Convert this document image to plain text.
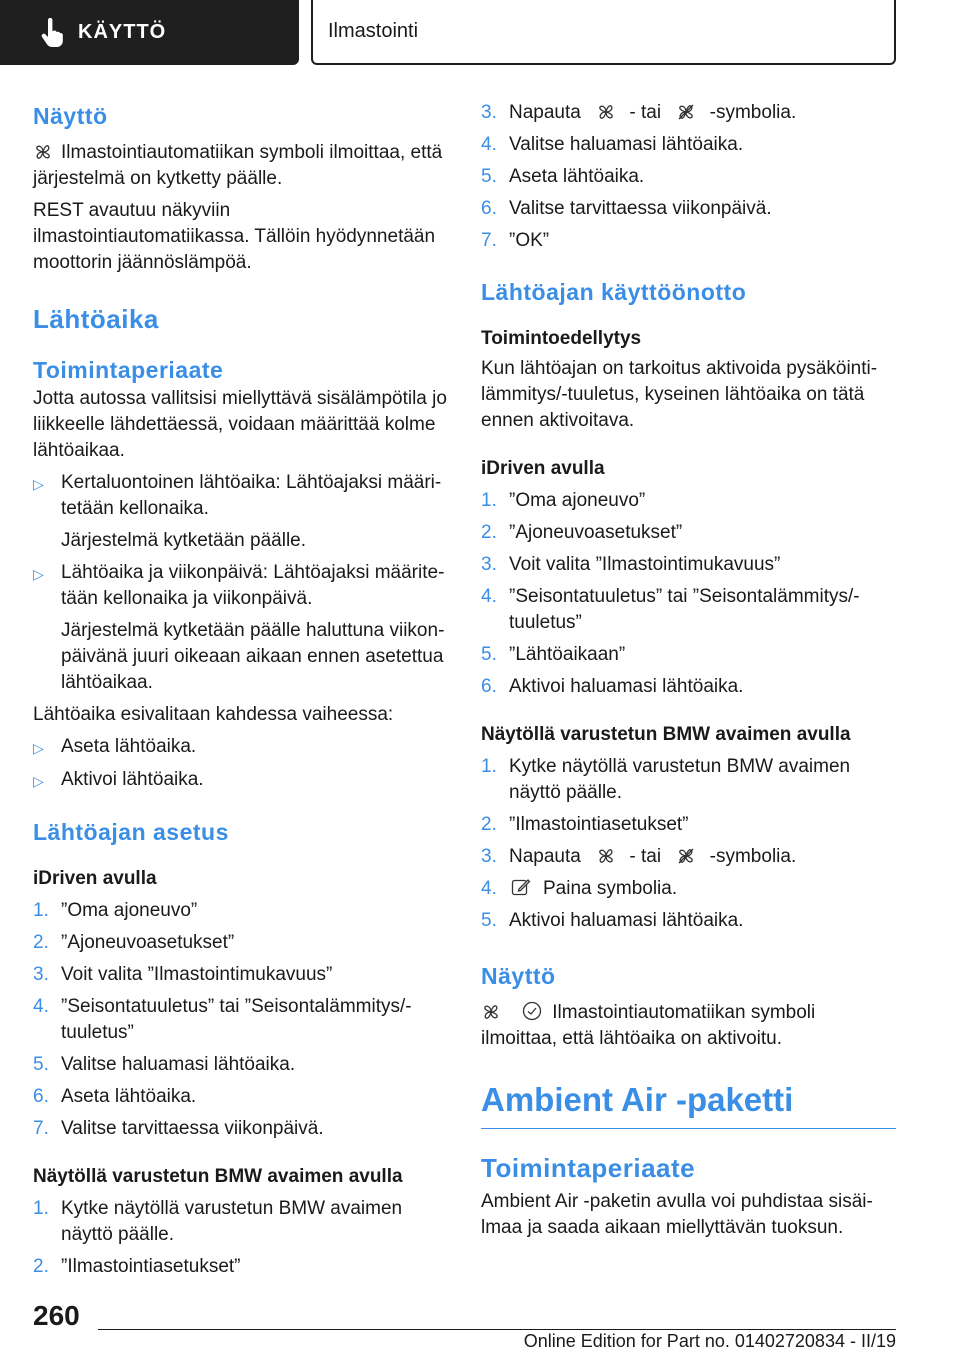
KÄYTTÖ	Ilmastointi
Näyttö

Ilmastointiautomatiikan symboli ilmoittaa, että järjestelmä on kytketty päälle.

REST avautuu näkyviin ilmastointiautomatiikassa. Tällöin hyödynnetään moottorin jäännöslämpöä.

Lähtöaika
Toimintaperiaate

Jotta autossa vallitsisi miellyttävä sisälämpötila jo liikkeelle lähdettäessä, voidaan määrittää kolme lähtöaikaa.

▷ Kertaluontoinen lähtöaika: Lähtöajaksi määritetään kellonaika.

Järjestelmä kytketään päälle.

▷ Lähtöaika ja viikonpäivä: Lähtöajaksi määritetään kellonaika ja viikonpäivä.

Järjestelmä kytketään päälle haluttuna viikonpäivänä juuri oikeaan aikaan ennen asetettua lähtöaikaa.

Lähtöaika esivalitaan kahdessa vaiheessa:

▷ Aseta lähtöaika.
▷ Aktivoi lähtöaika.
Lähtöajan asetus
iDriven avulla
1. ”Oma ajoneuvo”
2. ”Ajoneuvoasetukset”
3. Voit valita ”Ilmastointimukavuus”
4. ”Seisontatuuletus” tai ”Seisontalämmitys/tuuletus”
5. Valitse haluamasi lähtöaika.
6. Aseta lähtöaika.
7. Valitse tarvittaessa viikonpäivä.
Näytöllä varustetun BMW avaimen avulla
1. Kytke näytöllä varustetun BMW avaimen näyttö päälle.
2. ”Ilmastointiasetukset”
3. Napauta	- tai	-symbolia.
4. Valitse haluamasi lähtöaika.
5. Aseta lähtöaika.
6. Valitse tarvittaessa viikonpäivä.
7. ”OK”
Lähtöajan käyttöönotto
Toimintoedellytys

Kun lähtöajan on tarkoitus aktivoida pysäköintilämmitys/-tuuletus, kyseinen lähtöaika on tätä ennen aktivoitava.

iDriven avulla
1. ”Oma ajoneuvo”
2. ”Ajoneuvoasetukset”
3. Voit valita ”Ilmastointimukavuus”
4. ”Seisontatuuletus” tai ”Seisontalämmitys/tuuletus”
5. ”Lähtöaikaan”
6. Aktivoi haluamasi lähtöaika.
Näytöllä varustetun BMW avaimen avulla
1. Kytke näytöllä varustetun BMW avaimen näyttö päälle.
2. ”Ilmastointiasetukset”
3. Napauta	- tai	-symbolia.
4.	Paina symbolia.
5. Aktivoi haluamasi lähtöaika.
Näyttö

Ilmastointiautomatiikan symboli ilmoittaa, että lähtöaika on aktivoitu.

Ambient Air -paketti
Toimintaperiaate

Ambient Air -paketin avulla voi puhdistaa sisäilmaa ja saada aikaan miellyttävän tuoksun.

260
Online Edition for Part no. 01402720834 - II/19
